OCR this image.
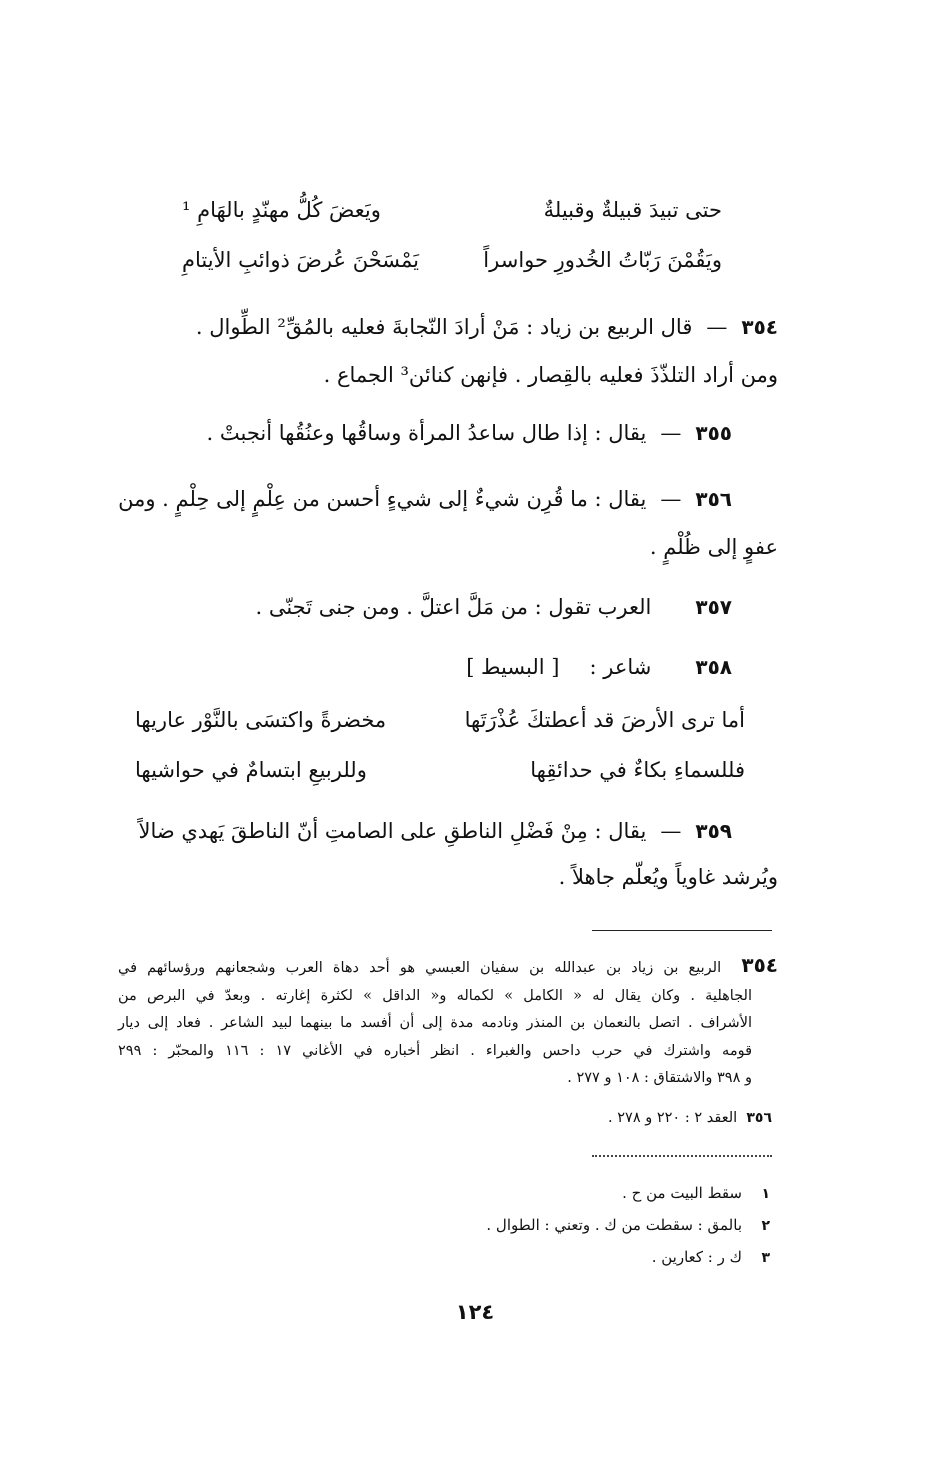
حتى تبيدَ قبيلةٌ وقبيلةٌ
ويَعضَ كُلُّ مهنّدٍ بالهَامِ ¹
ويَقُمْنَ رَبّاتُ الخُدورِ حواسراً
يَمْسَحْنَ عُرضَ ذوائبِ الأيتامِ
٣٥٤—قال الربيع بن زياد : مَنْ أرادَ النّجابةَ فعليه بالمُقِّ² الطِّوال .
ومن أراد التلذّذَ فعليه بالقِصار . فإنهن كنائن³ الجماع .
٣٥٥—يقال : إذا طال ساعدُ المرأة وساقُها وعنُقُها أنجبتْ .
٣٥٦—يقال : ما قُرِن شيءٌ إلى شيءٍ أحسن من عِلْمٍ إلى حِلْمٍ . ومن
عفوٍ إلى ظُلْمٍ .
٣٥٧العرب تقول : من مَلَّ اعتلَّ . ومن جنى تَجنّى .
٣٥٨شاعر :[ البسيط ]
أما ترى الأرضَ قد أعطتكَ عُذْرَتَها
مخضرةً واكتسَى بالنَّوْر عاريها
فللسماءِ بكاءٌ في حدائقِها
وللربيعِ ابتسامٌ في حواشيها
٣٥٩—يقال : مِنْ فَضْلِ الناطقِ على الصامتِ أنّ الناطقَ يَهدي ضالاً
ويُرشد غاوياً ويُعلّم جاهلاً .
٣٥٤  الربيع بن زياد بن عبدالله بن سفيان العبسي هو أحد دهاة العرب وشجعانهم ورؤسائهم في
الجاهلية . وكان يقال له « الكامل » لكماله و« الداقل » لكثرة إغارته . وبعدّ في البرص من
الأشراف . اتصل بالنعمان بن المنذر ونادمه مدة إلى أن أفسد ما بينهما لبيد الشاعر . فعاد إلى ديار
قومه واشترك في حرب داحس والغبراء . انظر أخباره في الأغاني ١٧ : ١١٦ والمحبّر : ٢٩٩
و ٣٩٨ والاشتقاق : ١٠٨ و ٢٧٧ .
٣٥٦  العقد ٢ : ٢٢٠ و ٢٧٨ .
١سقط البيت من ح .
٢بالمق : سقطت من ك . وتعني : الطوال .
٣ك ر : كعارين .
١٢٤
